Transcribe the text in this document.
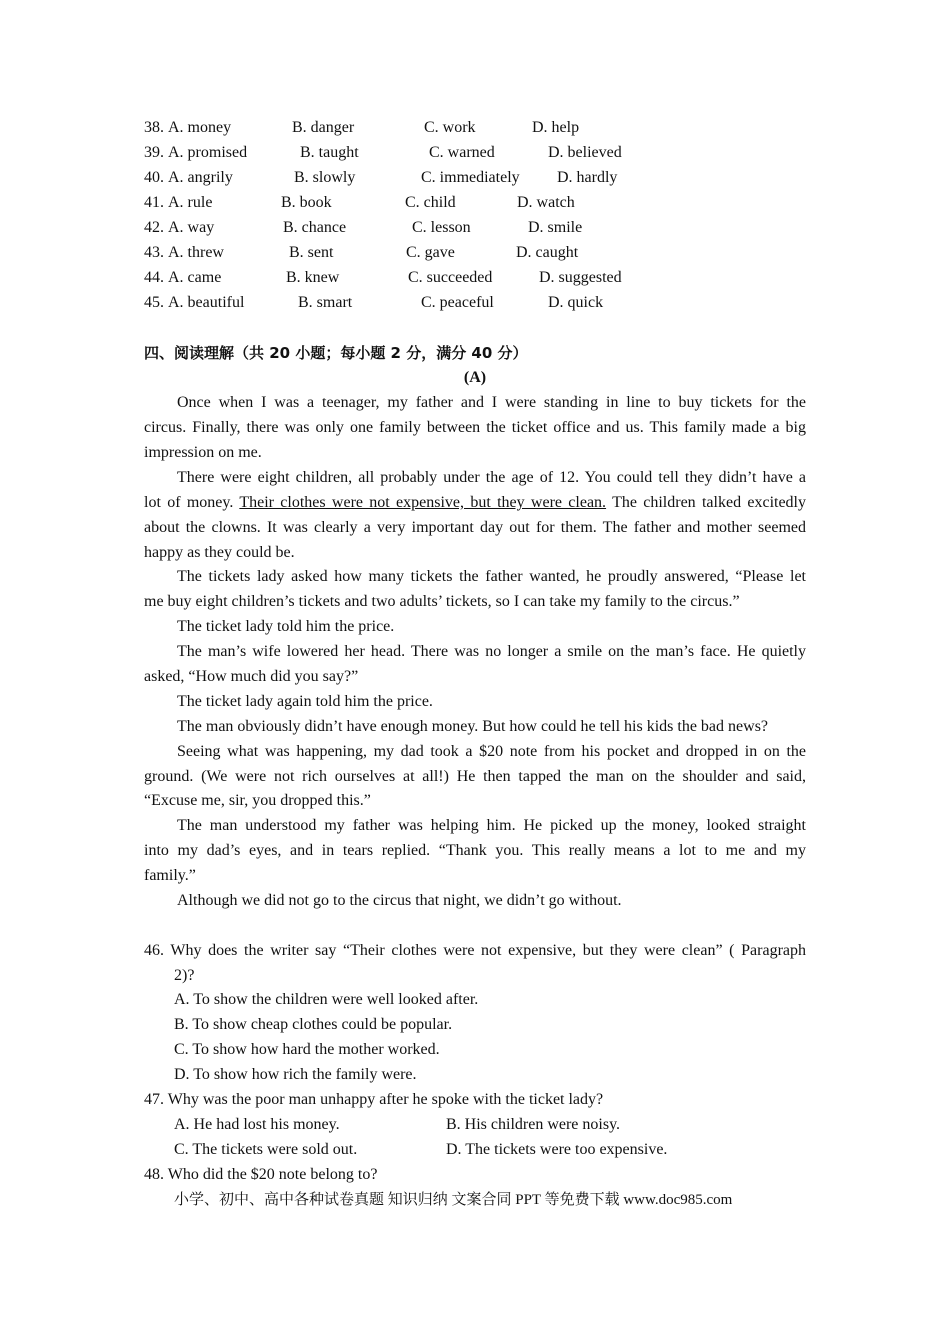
38. A. money	B. danger	C. work	D. help
39. A. promised	B. taught	C. warned	D. believed
40. A. angrily	B. slowly	C. immediately D. hardly
41. A. rule	B. book	C. child	D. watch
42. A. way	B. chance	C. lesson	D. smile
43. A. threw	B. sent	C. gave	D. caught
44. A. came	B. knew	C. succeeded	D. suggested
45. A. beautiful	B. smart	C. peaceful	D. quick
四、阅读理解（共 20 小题；每小题 2 分，满分 40 分）
(A)
Once when I was a teenager, my father and I were standing in line to buy tickets for the
circus. Finally, there was only one family between the ticket office and us. This family made a big
impression on me.
There were eight children, all probably under the age of 12. You could tell they didn’t have a
lot of money. Their clothes were not expensive, but they were clean. The children talked excitedly
about the clowns. It was clearly a very important day out for them. The father and mother seemed
happy as they could be.
The tickets lady asked how many tickets the father wanted, he proudly answered, “Please let
me buy eight children’s tickets and two adults’ tickets, so I can take my family to the circus.”
The ticket lady told him the price.
The man’s wife lowered her head. There was no longer a smile on the man’s face. He quietly
asked, “How much did you say?”
The ticket lady again told him the price.
The man obviously didn’t have enough money. But how could he tell his kids the bad news?
Seeing what was happening, my dad took a $20 note from his pocket and dropped in on the
ground. (We were not rich ourselves at all!) He then tapped the man on the shoulder and said,
“Excuse me, sir, you dropped this.”
The man understood my father was helping him. He picked up the money, looked straight
into my dad’s eyes, and in tears replied. “Thank you. This really means a lot to me and my
family.”
Although we did not go to the circus that night, we didn’t go without.
46. Why does the writer say “Their clothes were not expensive, but they were clean” ( Paragraph
2)?
A. To show the children were well looked after.
B. To show cheap clothes could be popular.
C. To show how hard the mother worked.
D. To show how rich the family were.
47. Why was the poor man unhappy after he spoke with the ticket lady?
A. He had lost his money.	B. His children were noisy.
C. The tickets were sold out.	D. The tickets were too expensive.
48. Who did the $20 note belong to?
小学、初中、高中各种试卷真题 知识归纳 文案合同 PPT 等免费下载 www.doc985.com
